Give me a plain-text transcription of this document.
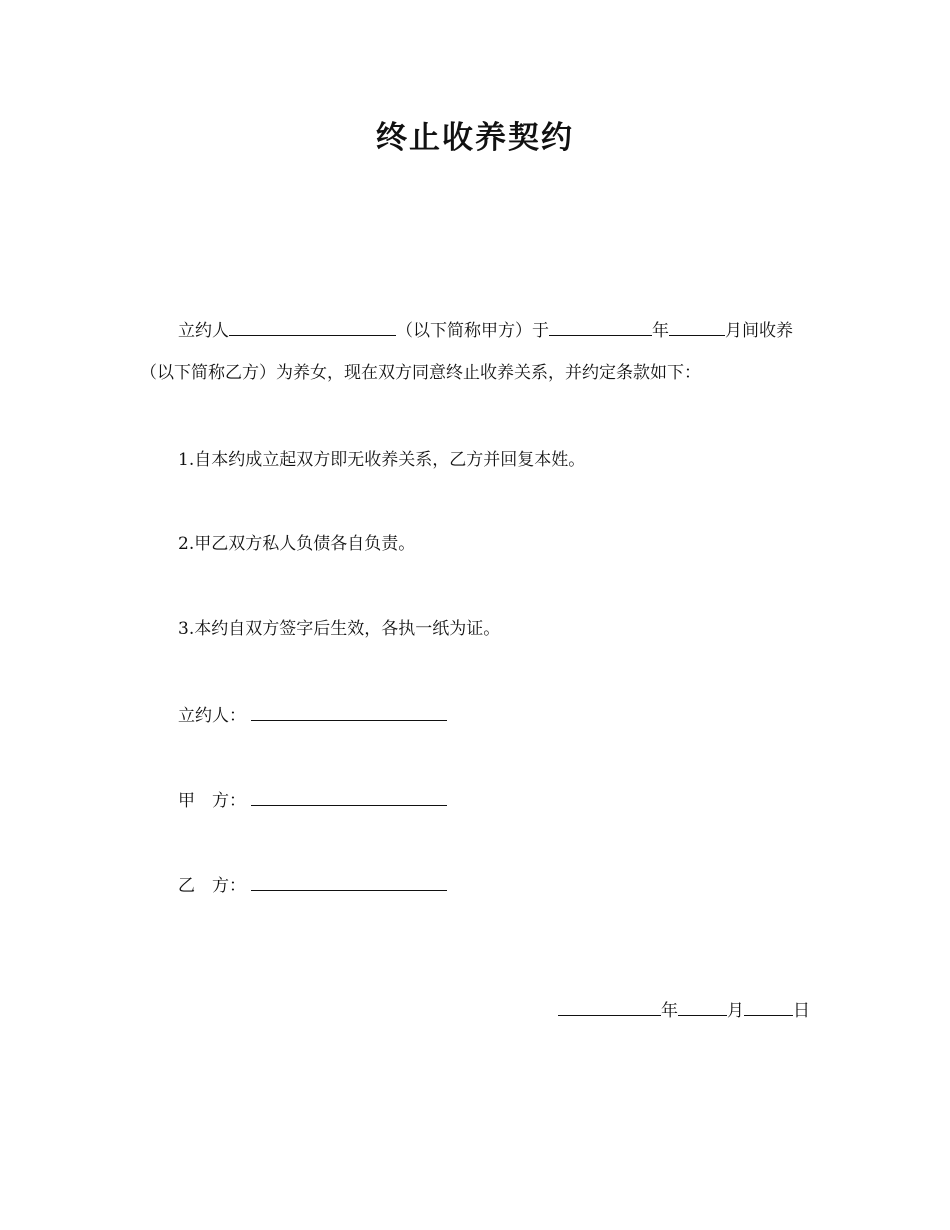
终止收养契约
立约人	（以下简称甲方）于	年	月间收养
（以下简称乙方）为养女，现在双方同意终止收养关系，并约定条款如下：
1.自本约成立起双方即无收养关系，乙方并回复本姓。
2.甲乙双方私人负债各自负责。
3.本约自双方签字后生效，各执一纸为证。
立约人：
甲　方：
乙　方：
年	月	日
